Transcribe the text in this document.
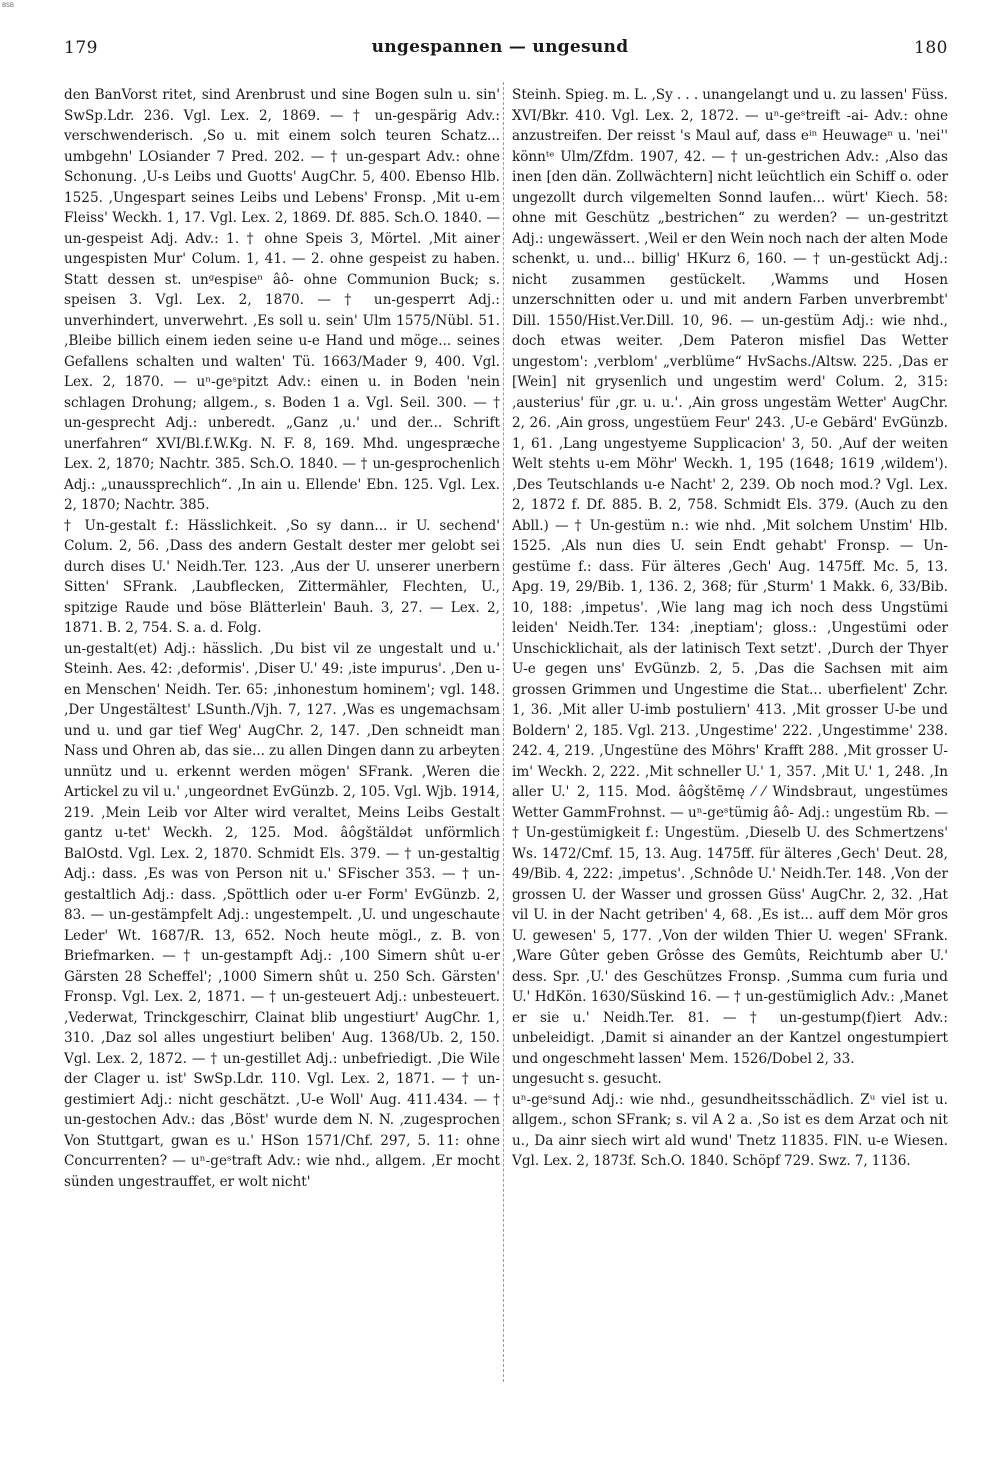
BSB
179	ungespannen — ungesund	180

den BanVorst ritet, sind Arenbrust und sine Bogen suln u. sin' SwSp.Ldr. 236. Vgl. Lex. 2, 1869. — † un-gespärig Adv.: verschwenderisch. ‚So u. mit einem solch teuren Schatz... umbgehn' LOsiander 7 Pred. 202. — † un-gespart Adv.: ohne Schonung. ‚U-s Leibs und Guotts' AugChr. 5, 400. Ebenso Hlb. 1525. ‚Ungespart seines Leibs und Lebens' Fronsp. ‚Mit u-em Fleiss' Weckh. 1, 17. Vgl. Lex. 2, 1869. Df. 885. Sch.O. 1840. — un-gespeist Adj. Adv.: 1. † ohne Speis 3, Mörtel. ‚Mit ainer ungespisten Mur' Colum. 1, 41. — 2. ohne gespeist zu haben. Statt dessen st. unᵍespiseⁿ âô- ohne Communion Buck; s. speisen 3. Vgl. Lex. 2, 1870. — † un-gesperrt Adj.: unverhindert, unverwehrt. ‚Es soll u. sein' Ulm 1575/Nübl. 51. ‚Bleibe billich einem ieden seine u-e Hand und möge... seines Gefallens schalten und walten' Tü. 1663/Mader 9, 400. Vgl. Lex. 2, 1870. — uⁿ-geˢpitzt Adv.: einen u. in Boden 'nein schlagen Drohung; allgem., s. Boden 1 a. Vgl. Seil. 300. — † un-gesprecht Adj.: unberedt. „Ganz ‚u.' und der... Schrift unerfahren“ XVI/Bl.f.W.Kg. N. F. 8, 169. Mhd. ungespræche Lex. 2, 1870; Nachtr. 385. Sch.O. 1840. — † un-gesprochenlich Adj.: „unaussprechlich“. ‚In ain u. Ellende' Ebn. 125. Vgl. Lex. 2, 1870; Nachtr. 385.

† Un-gestalt f.: Hässlichkeit. ‚So sy dann... ir U. sechend' Colum. 2, 56. ‚Dass des andern Gestalt dester mer gelobt sei durch dises U.' Neidh.Ter. 123. ‚Aus der U. unserer unerbern Sitten' SFrank. ‚Laubflecken, Zittermähler, Flechten, U., spitzige Raude und böse Blätterlein' Bauh. 3, 27. — Lex. 2, 1871. B. 2, 754. S. a. d. Folg.

un-gestalt(et) Adj.: hässlich. ‚Du bist vil ze ungestalt und u.' Steinh. Aes. 42: ‚deformis'. ‚Diser U.' 49: ‚iste impurus'. ‚Den u-en Menschen' Neidh. Ter. 65: ‚inhonestum hominem'; vgl. 148. ‚Der Ungestältest' LSunth./Vjh. 7, 127. ‚Was es ungemachsam und u. und gar tief Weg' AugChr. 2, 147. ‚Den schneidt man Nass und Ohren ab, das sie... zu allen Dingen dann zu arbeyten unnütz und u. erkennt werden mögen' SFrank. ‚Weren die Artickel zu vil u.' ‚ungeordnet EvGünzb. 2, 105. Vgl. Wjb. 1914, 219. ‚Mein Leib vor Alter wird veraltet, Meins Leibs Gestalt gantz u-tet' Weckh. 2, 125. Mod. âôgštäldət unförmlich BalOstd. Vgl. Lex. 2, 1870. Schmidt Els. 379. — † un-gestaltig Adj.: dass. ‚Es was von Person nit u.' SFischer 353. — † un-gestaltlich Adj.: dass. ‚Spöttlich oder u-er Form' EvGünzb. 2, 83. — un-gestämpfelt Adj.: ungestempelt. ‚U. und ungeschaute Leder' Wt. 1687/R. 13, 652. Noch heute mögl., z. B. von Briefmarken. — † un-gestampft Adj.: ‚100 Simern shût u-er Gärsten 28 Scheffel'; ‚1000 Simern shût u. 250 Sch. Gärsten' Fronsp. Vgl. Lex. 2, 1871. — † un-gesteuert Adj.: unbesteuert. ‚Vederwat, Trinckgeschirr, Clainat blib ungestiurt' AugChr. 1, 310. ‚Daz sol alles ungestiurt beliben' Aug. 1368/Ub. 2, 150. Vgl. Lex. 2, 1872. — † un-gestillet Adj.: unbefriedigt. ‚Die Wile der Clager u. ist' SwSp.Ldr. 110. Vgl. Lex. 2, 1871. — † un-gestimiert Adj.: nicht geschätzt. ‚U-e Woll' Aug. 411.434. — † un-gestochen Adv.: das ‚Böst' wurde dem N. N. ‚zugesprochen Von Stuttgart, gwan es u.' HSon 1571/Chf. 297, 5. 11: ohne Concurrenten? — uⁿ-geˢtraft Adv.: wie nhd., allgem. ‚Er mocht sünden ungestrauffet, er wolt nicht'

Steinh. Spieg. m. L. ‚Sy . . . unangelangt und u. zu lassen' Füss. XVI/Bkr. 410. Vgl. Lex. 2, 1872. — uⁿ-geˢtreift -ai- Adv.: ohne anzustreifen. Der reisst 's Maul auf, dass eⁱⁿ Heuwageⁿ u. 'nei'' könnᵗᵉ Ulm/Zfdm. 1907, 42. — † un-gestrichen Adv.: ‚Also das inen [den dän. Zollwächtern] nicht leüchtlich ein Schiff o. oder ungezollt durch vilgemelten Sonnd laufen... würt' Kiech. 58: ohne mit Geschütz „bestrichen“ zu werden? — un-gestritzt Adj.: ungewässert. ‚Weil er den Wein noch nach der alten Mode schenkt, u. und... billig' HKurz 6, 160. — † un-gestückt Adj.: nicht zusammen gestückelt. ‚Wamms und Hosen unzerschnitten oder u. und mit andern Farben unverbrembt' Dill. 1550/Hist.Ver.Dill. 10, 96. — un-gestüm Adj.: wie nhd., doch etwas weiter. ‚Dem Pateron misfiel Das Wetter ungestom': ‚verblom' „verblüme“ HvSachs./Altsw. 225. ‚Das er [Wein] nit grysenlich und ungestim werd' Colum. 2, 315: ‚austerius' für ‚gr. u. u.'. ‚Ain gross ungestäm Wetter' AugChr. 2, 26. ‚Ain gross, ungestüem Feur' 243. ‚U-e Gebärd' EvGünzb. 1, 61. ‚Lang ungestyeme Supplicacion' 3, 50. ‚Auf der weiten Welt stehts u-em Möhr' Weckh. 1, 195 (1648; 1619 ‚wildem'). ‚Des Teutschlands u-e Nacht' 2, 239. Ob noch mod.? Vgl. Lex. 2, 1872 f. Df. 885. B. 2, 758. Schmidt Els. 379. (Auch zu den Abll.) — † Un-gestüm n.: wie nhd. ‚Mit solchem Unstim' Hlb. 1525. ‚Als nun dies U. sein Endt gehabt' Fronsp. — Un-gestüme f.: dass. Für älteres ‚Gech' Aug. 1475ff. Mc. 5, 13. Apg. 19, 29/Bib. 1, 136. 2, 368; für ‚Sturm' 1 Makk. 6, 33/Bib. 10, 188: ‚impetus'. ‚Wie lang mag ich noch dess Ungstümi leiden' Neidh.Ter. 134: ‚ineptiam'; gloss.: ‚Ungestümi oder Unschicklichait, als der latinisch Text setzt'. ‚Durch der Thyer U-e gegen uns' EvGünzb. 2, 5. ‚Das die Sachsen mit aim grossen Grimmen und Ungestime die Stat... uberfielent' Zchr. 1, 36. ‚Mit aller U-imb postuliern' 413. ‚Mit grosser U-be und Boldern' 2, 185. Vgl. 213. ‚Ungestime' 222. ‚Ungestimme' 238. 242. 4, 219. ‚Ungestüne des Möhrs' Krafft 288. ‚Mit grosser U-im' Weckh. 2, 222. ‚Mit schneller U.' 1, 357. ‚Mit U.' 1, 248. ‚In aller U.' 2, 115. Mod. âôgštēmę ⁄ ⁄ Windsbraut, ungestümes Wetter GammFrohnst. — uⁿ-geˢtümig âô- Adj.: ungestüm Rb. — † Un-gestümigkeit f.: Ungestüm. ‚Dieselb U. des Schmertzens' Ws. 1472/Cmf. 15, 13. Aug. 1475ff. für älteres ‚Gech' Deut. 28, 49/Bib. 4, 222: ‚impetus'. ‚Schnôde U.' Neidh.Ter. 148. ‚Von der grossen U. der Wasser und grossen Güss' AugChr. 2, 32. ‚Hat vil U. in der Nacht getriben' 4, 68. ‚Es ist... auff dem Mör gros U. gewesen' 5, 177. ‚Von der wilden Thier U. wegen' SFrank. ‚Ware Gûter geben Grôsse des Gemûts, Reichtumb aber U.' dess. Spr. ‚U.' des Geschützes Fronsp. ‚Summa cum furia und U.' HdKön. 1630/Süskind 16. — † un-gestümiglich Adv.: ‚Manet er sie u.' Neidh.Ter. 81. — † un-gestump(f)iert Adv.: unbeleidigt. ‚Damit si ainander an der Kantzel ongestumpiert und ongeschmeht lassen' Mem. 1526/Dobel 2, 33.

ungesucht s. gesucht.

uⁿ-geˢsund Adj.: wie nhd., gesundheitsschädlich. Zᵘ viel ist u. allgem., schon SFrank; s. vil A 2 a. ‚So ist es dem Arzat och nit u., Da ainr siech wirt ald wund' Tnetz 11835. FlN. u-e Wiesen. Vgl. Lex. 2, 1873f. Sch.O. 1840. Schöpf 729. Swz. 7, 1136.
